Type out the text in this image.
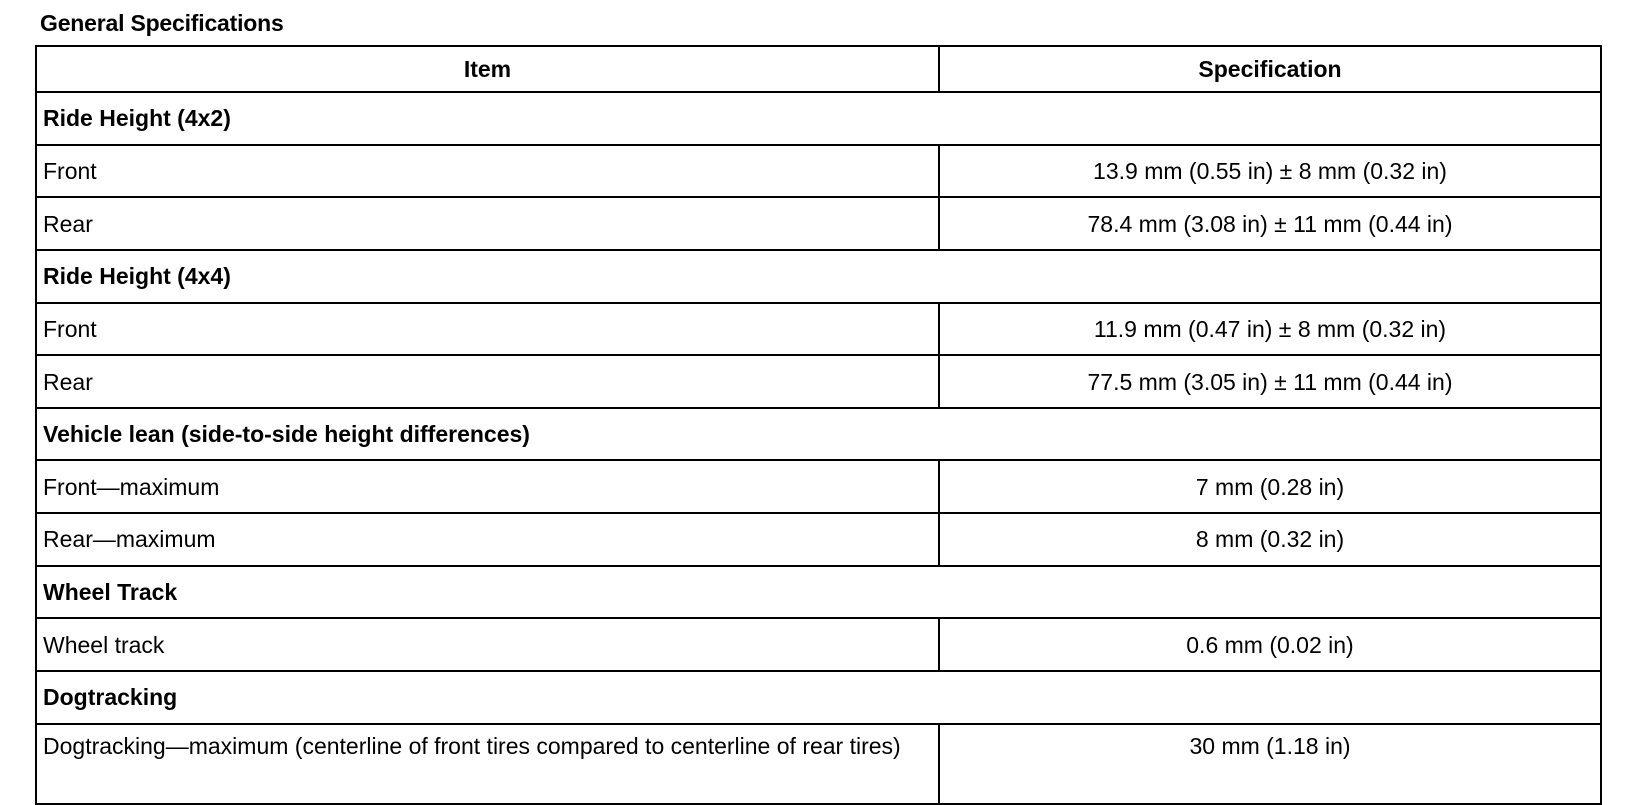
General Specifications
Item	Specification
Ride Height (4x2)	
Front	13.9 mm (0.55 in) ± 8 mm (0.32 in)
Rear	78.4 mm (3.08 in) ± 11 mm (0.44 in)
Ride Height (4x4)	
Front	11.9 mm (0.47 in) ± 8 mm (0.32 in)
Rear	77.5 mm (3.05 in) ± 11 mm (0.44 in)
Vehicle lean (side-to-side height differences)	
Front—maximum	7 mm (0.28 in)
Rear—maximum	8 mm (0.32 in)
Wheel Track	
Wheel track	0.6 mm (0.02 in)
Dogtracking	
Dogtracking—maximum (centerline of front tires compared to centerline of rear tires)	30 mm (1.18 in)
